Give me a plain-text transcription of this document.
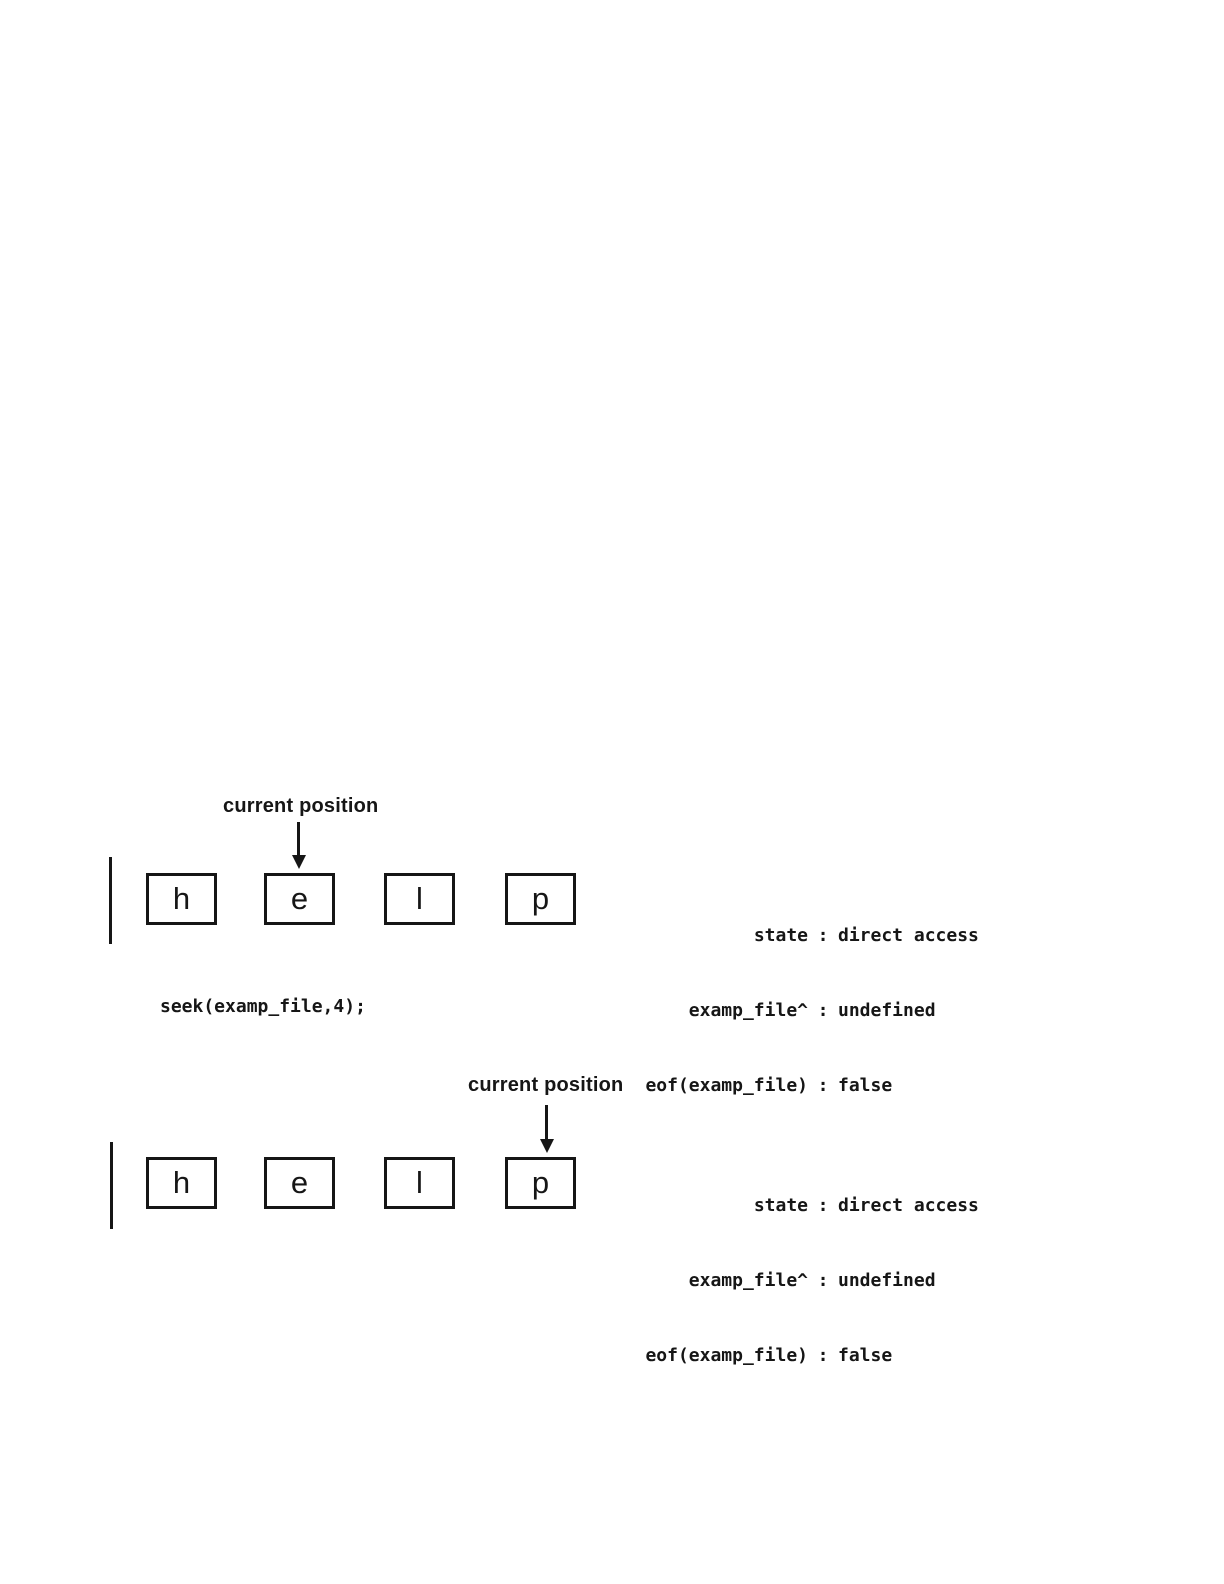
current position
h	e	l	p

state : direct access

examp_file^ : undefined

eof(examp_file) : false

seek(examp_file,4);
current position
h	e	l	p

state : direct access

examp_file^ : undefined

eof(examp_file) : false
